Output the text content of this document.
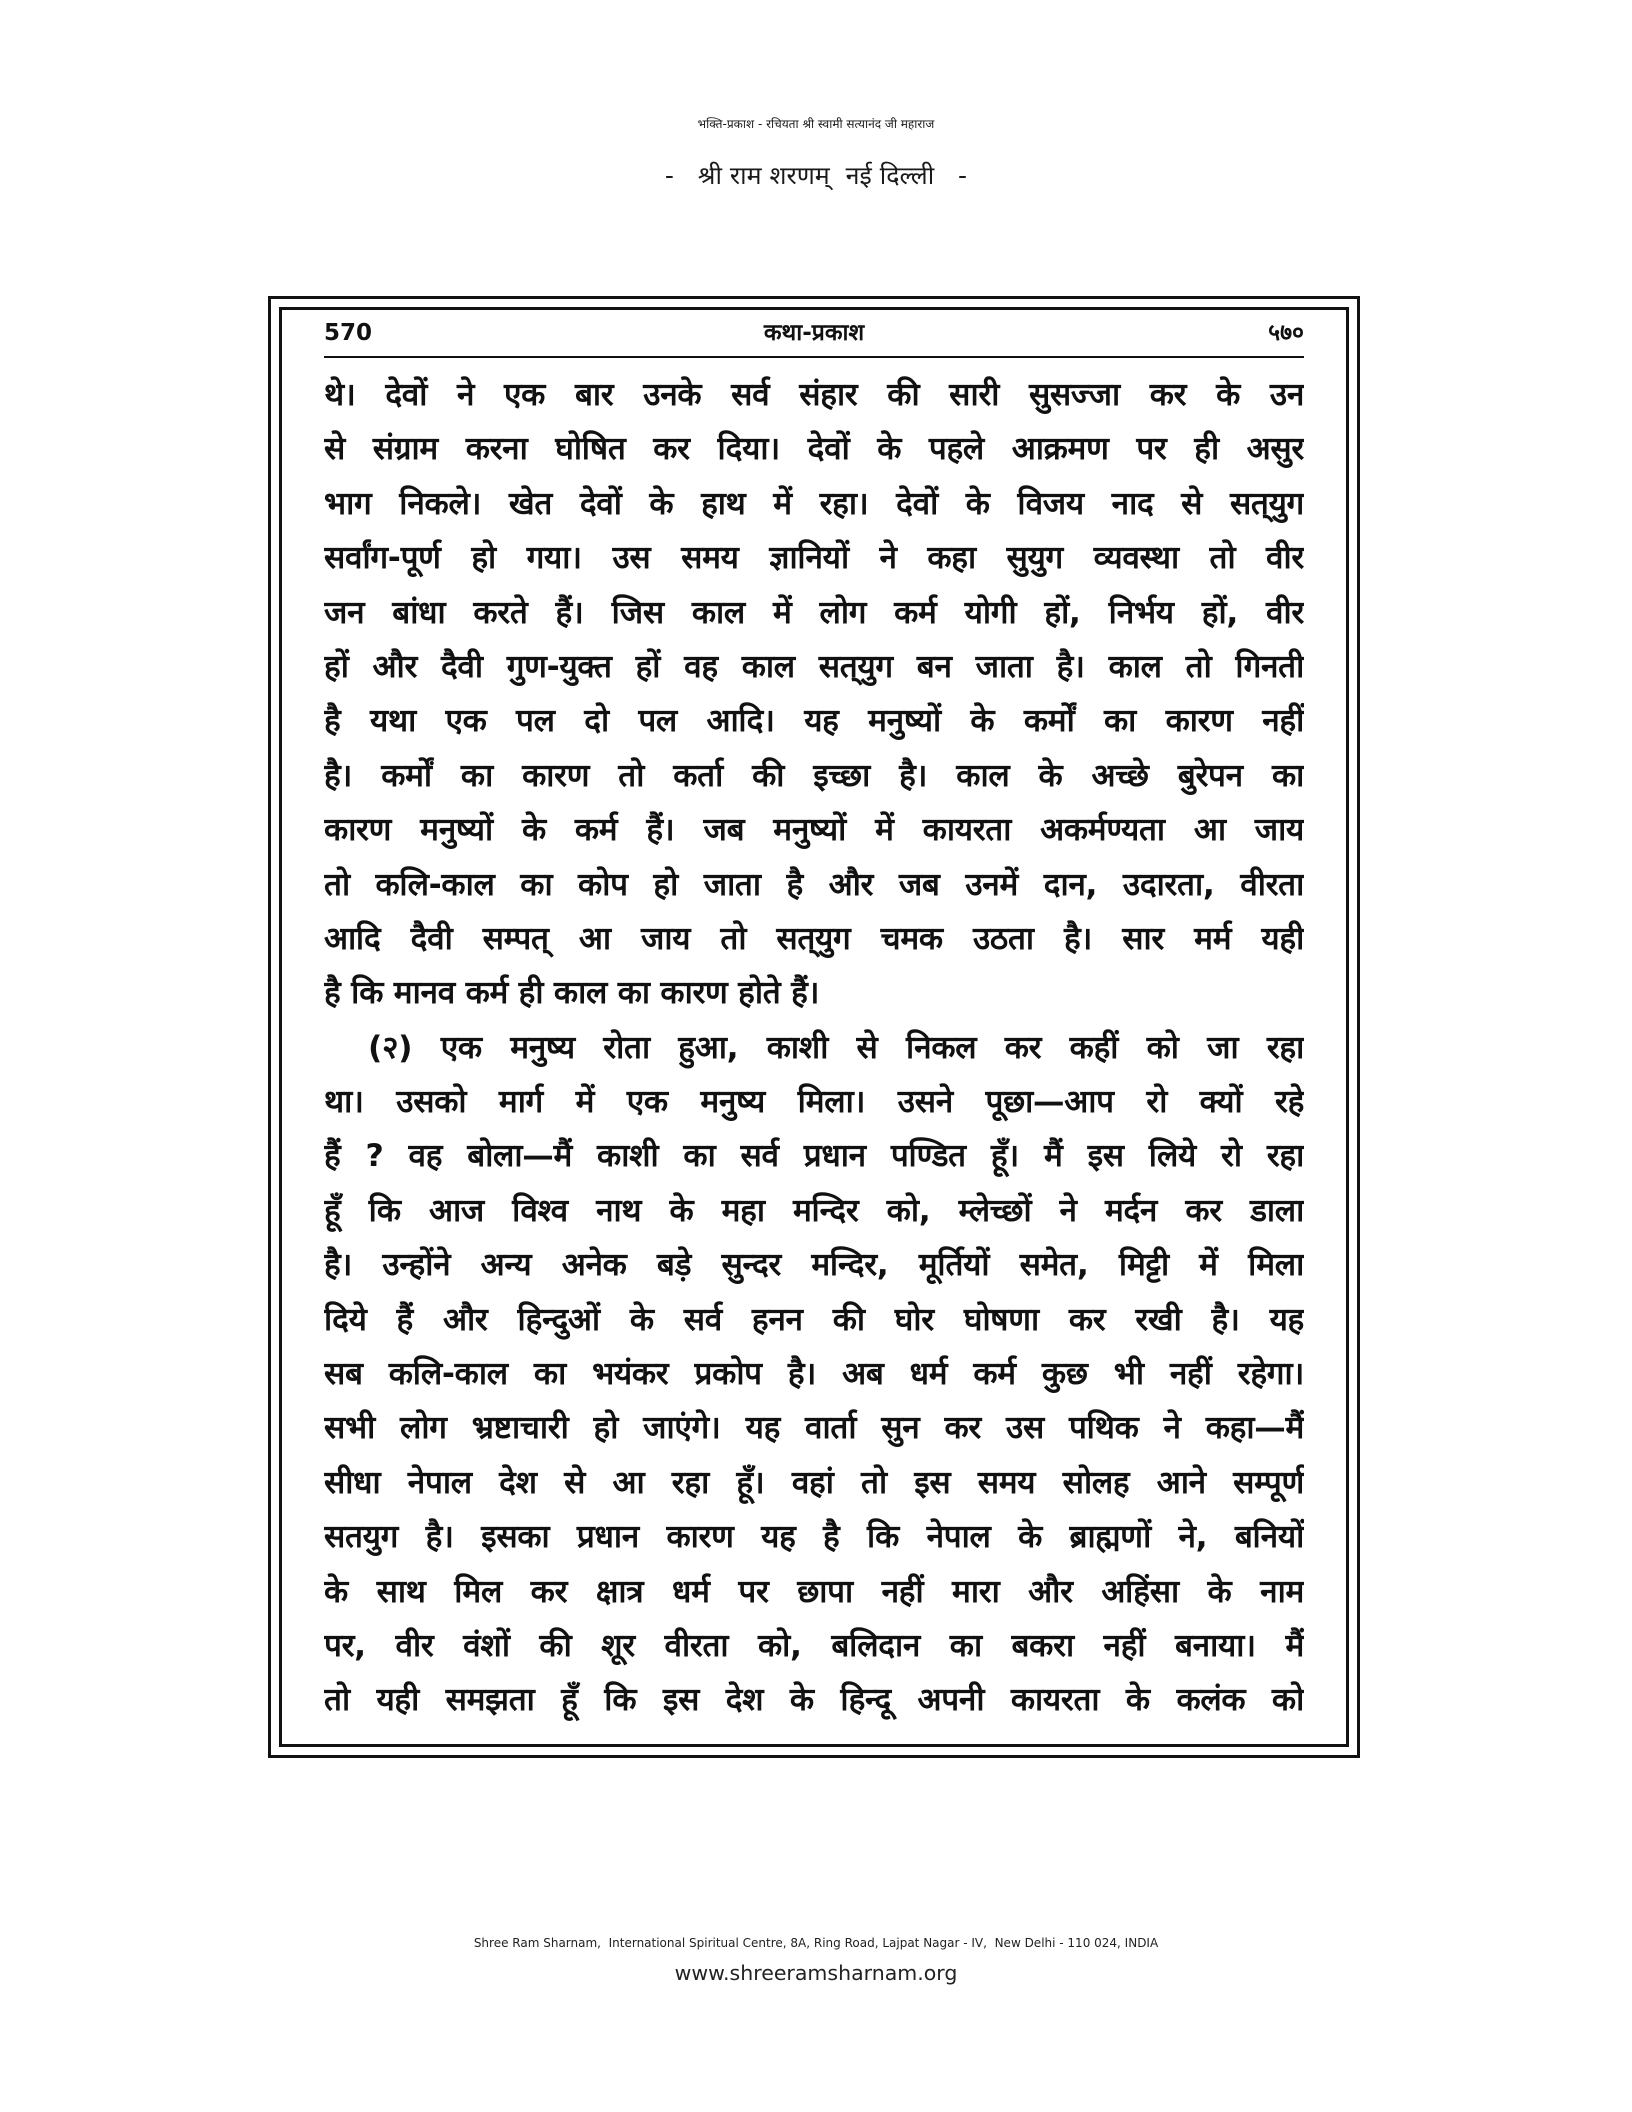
भक्ति-प्रकाश - रचियता श्री स्वामी सत्यानंद जी महाराज
-   श्री राम शरणम्  नई दिल्ली   -
570	कथा-प्रकाश	५७०
थे। देवों ने एक बार उनके सर्व संहार की सारी सुसज्जा कर के उन
से संग्राम करना घोषित कर दिया। देवों के पहले आक्रमण पर ही असुर
भाग निकले। खेत देवों के हाथ में रहा। देवों के विजय नाद से सत्‌युग
सर्वांग-पूर्ण हो गया। उस समय ज्ञानियों ने कहा सुयुग व्यवस्था तो वीर
जन बांधा करते हैं। जिस काल में लोग कर्म योगी हों, निर्भय हों, वीर
हों और दैवी गुण-युक्त हों वह काल सत्‌युग बन जाता है। काल तो गिनती
है यथा एक पल दो पल आदि। यह मनुष्यों के कर्मों का कारण नहीं
है। कर्मों का कारण तो कर्ता की इच्छा है। काल के अच्छे बुरेपन का
कारण मनुष्यों के कर्म हैं। जब मनुष्यों में कायरता अकर्मण्यता आ जाय
तो कलि-काल का कोप हो जाता है और जब उनमें दान, उदारता, वीरता
आदि दैवी सम्पत् आ जाय तो सत्‌युग चमक उठता है। सार मर्म यही
है कि मानव कर्म ही काल का कारण होते हैं।
(२) एक मनुष्य रोता हुआ, काशी से निकल कर कहीं को जा रहा
था। उसको मार्ग में एक मनुष्य मिला। उसने पूछा—आप रो क्यों रहे
हैं ? वह बोला—मैं काशी का सर्व प्रधान पण्डित हूँ। मैं इस लिये रो रहा
हूँ कि आज विश्व नाथ के महा मन्दिर को, म्लेच्छों ने मर्दन कर डाला
है। उन्होंने अन्य अनेक बड़े सुन्दर मन्दिर, मूर्तियों समेत, मिट्टी में मिला
दिये हैं और हिन्दुओं के सर्व हनन की घोर घोषणा कर रखी है। यह
सब कलि-काल का भयंकर प्रकोप है। अब धर्म कर्म कुछ भी नहीं रहेगा।
सभी लोग भ्रष्टाचारी हो जाएंगे। यह वार्ता सुन कर उस पथिक ने कहा—मैं
सीधा नेपाल देश से आ रहा हूँ। वहां तो इस समय सोलह आने सम्पूर्ण
सतयुग है। इसका प्रधान कारण यह है कि नेपाल के ब्राह्मणों ने, बनियों
के साथ मिल कर क्षात्र धर्म पर छापा नहीं मारा और अहिंसा के नाम
पर, वीर वंशों की शूर वीरता को, बलिदान का बकरा नहीं बनाया। मैं
तो यही समझता हूँ कि इस देश के हिन्दू अपनी कायरता के कलंक को
Shree Ram Sharnam,  International Spiritual Centre, 8A, Ring Road, Lajpat Nagar - IV,  New Delhi - 110 024, INDIA
www.shreeramsharnam.org
